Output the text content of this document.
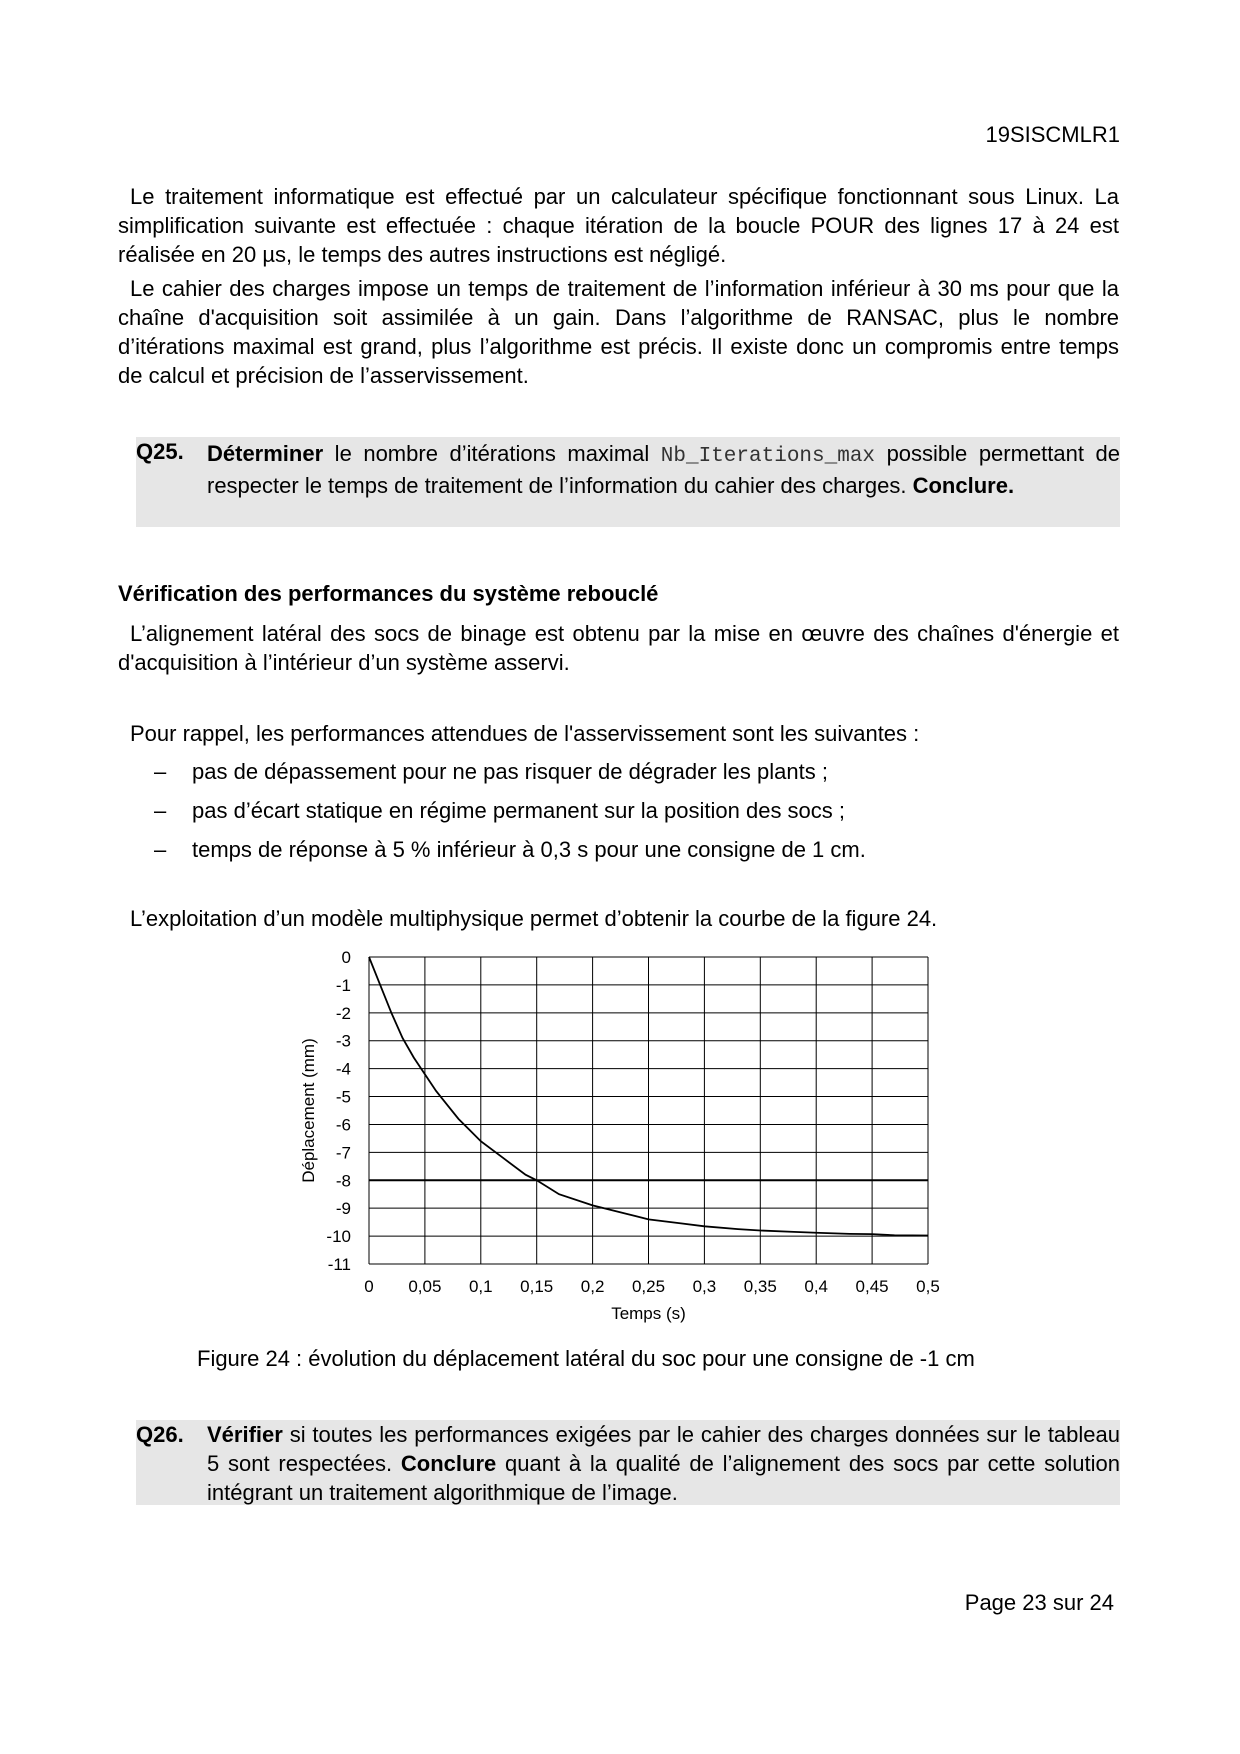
19SISCMLR1

Le traitement informatique est effectué par un calculateur spécifique fonctionnant sous Linux. La simplification suivante est effectuée : chaque itération de la boucle POUR des lignes 17 à 24 est réalisée en 20 µs, le temps des autres instructions est négligé.

Le cahier des charges impose un temps de traitement de l’information inférieur à 30 ms pour que la chaîne d'acquisition soit assimilée à un gain. Dans l’algorithme de RANSAC, plus le nombre d’itérations maximal est grand, plus l’algorithme est précis. Il existe donc un compromis entre temps de calcul et précision de l’asservissement.

Q25. Déterminer le nombre d’itérations maximal Nb_Iterations_max possible permettant de respecter le temps de traitement de l’information du cahier des charges. Conclure.

Vérification des performances du système rebouclé

L’alignement latéral des socs de binage est obtenu par la mise en œuvre des chaînes d'énergie et d'acquisition à l’intérieur d’un système asservi.

Pour rappel, les performances attendues de l'asservissement sont les suivantes :

– pas de dépassement pour ne pas risquer de dégrader les plants ;
– pas d’écart statique en régime permanent sur la position des socs ;
– temps de réponse à 5 % inférieur à 0,3 s pour une consigne de 1 cm.

L’exploitation d’un modèle multiphysique permet d’obtenir la courbe de la figure 24.

0 0,05 0,1 0,15 0,2 0,25 0,3 0,35 0,4 0,45 0,5
0
-1
-2
-3
-4
-5
-6
-7
-8
-9
-10
-11
Temps (s)
Déplacement (mm)

Figure 24 : évolution du déplacement latéral du soc pour une consigne de -1 cm

Q26. Vérifier si toutes les performances exigées par le cahier des charges données sur le tableau 5 sont respectées. Conclure quant à la qualité de l’alignement des socs par cette solution intégrant un traitement algorithmique de l’image.

Page 23 sur 24
